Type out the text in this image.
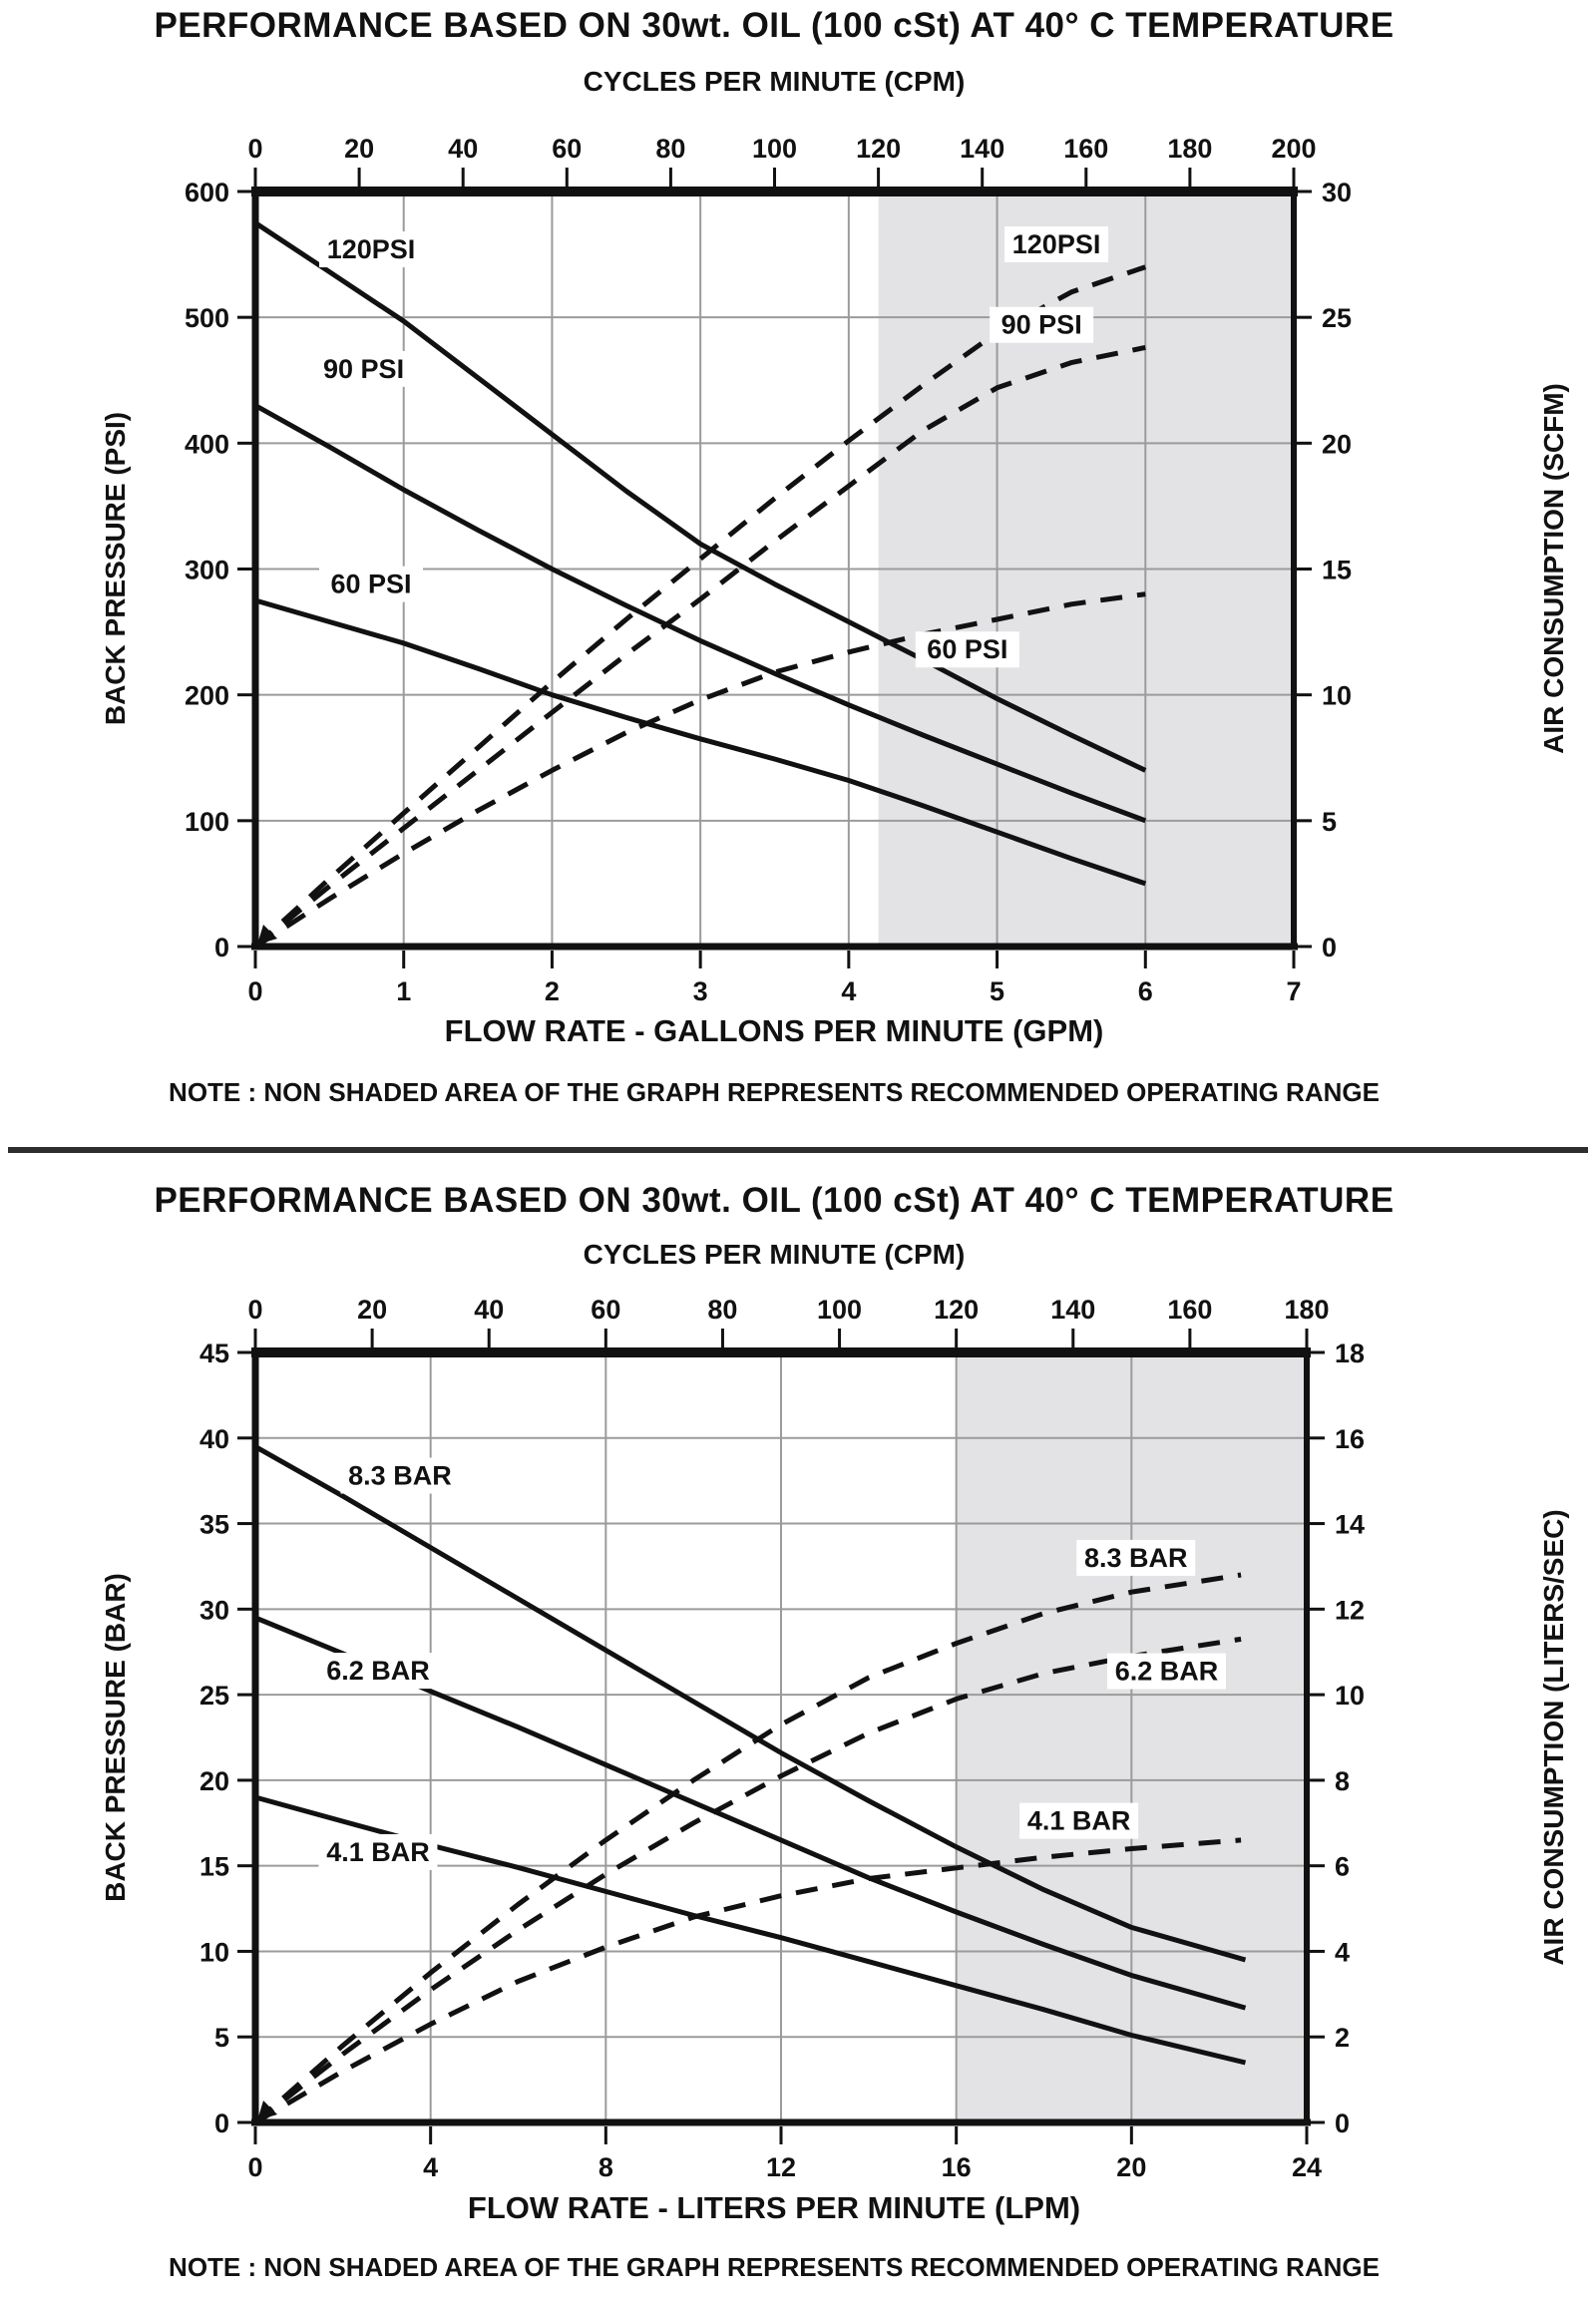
PERFORMANCE BASED ON 30wt. OIL (100 cSt) AT 40° C TEMPERATURE
CYCLES PER MINUTE (CPM)
BACK PRESSURE (PSI)	AIR CONSUMPTION (SCFM)
0	20	40	60	80 100 120 140 160 180 200
0	1	2	3	4	5	6	7
600
500
400
300
200
100
0
30
25
20
15
10
5
0
120PSI
90 PSI
60 PSI
120PSI
90 PSI
60 PSI
FLOW RATE - GALLONS PER MINUTE (GPM)
NOTE : NON SHADED AREA OF THE GRAPH REPRESENTS RECOMMENDED OPERATING RANGE
PERFORMANCE BASED ON 30wt. OIL (100 cSt) AT 40° C TEMPERATURE
CYCLES PER MINUTE (CPM)
BACK PRESSURE (BAR)	AIR CONSUMPTION (LITERS/SEC)
0	20	40	60	80	100	120	140	160	180
0	4	8	12	16	20	24
45
40
35
30
25
20
15
10
5
0
18
16
14
12
10
8
6
4
2
0
8.3 BAR
6.2 BAR
4.1 BAR
8.3 BAR
6.2 BAR
4.1 BAR
FLOW RATE - LITERS PER MINUTE (LPM)
NOTE : NON SHADED AREA OF THE GRAPH REPRESENTS RECOMMENDED OPERATING RANGE
